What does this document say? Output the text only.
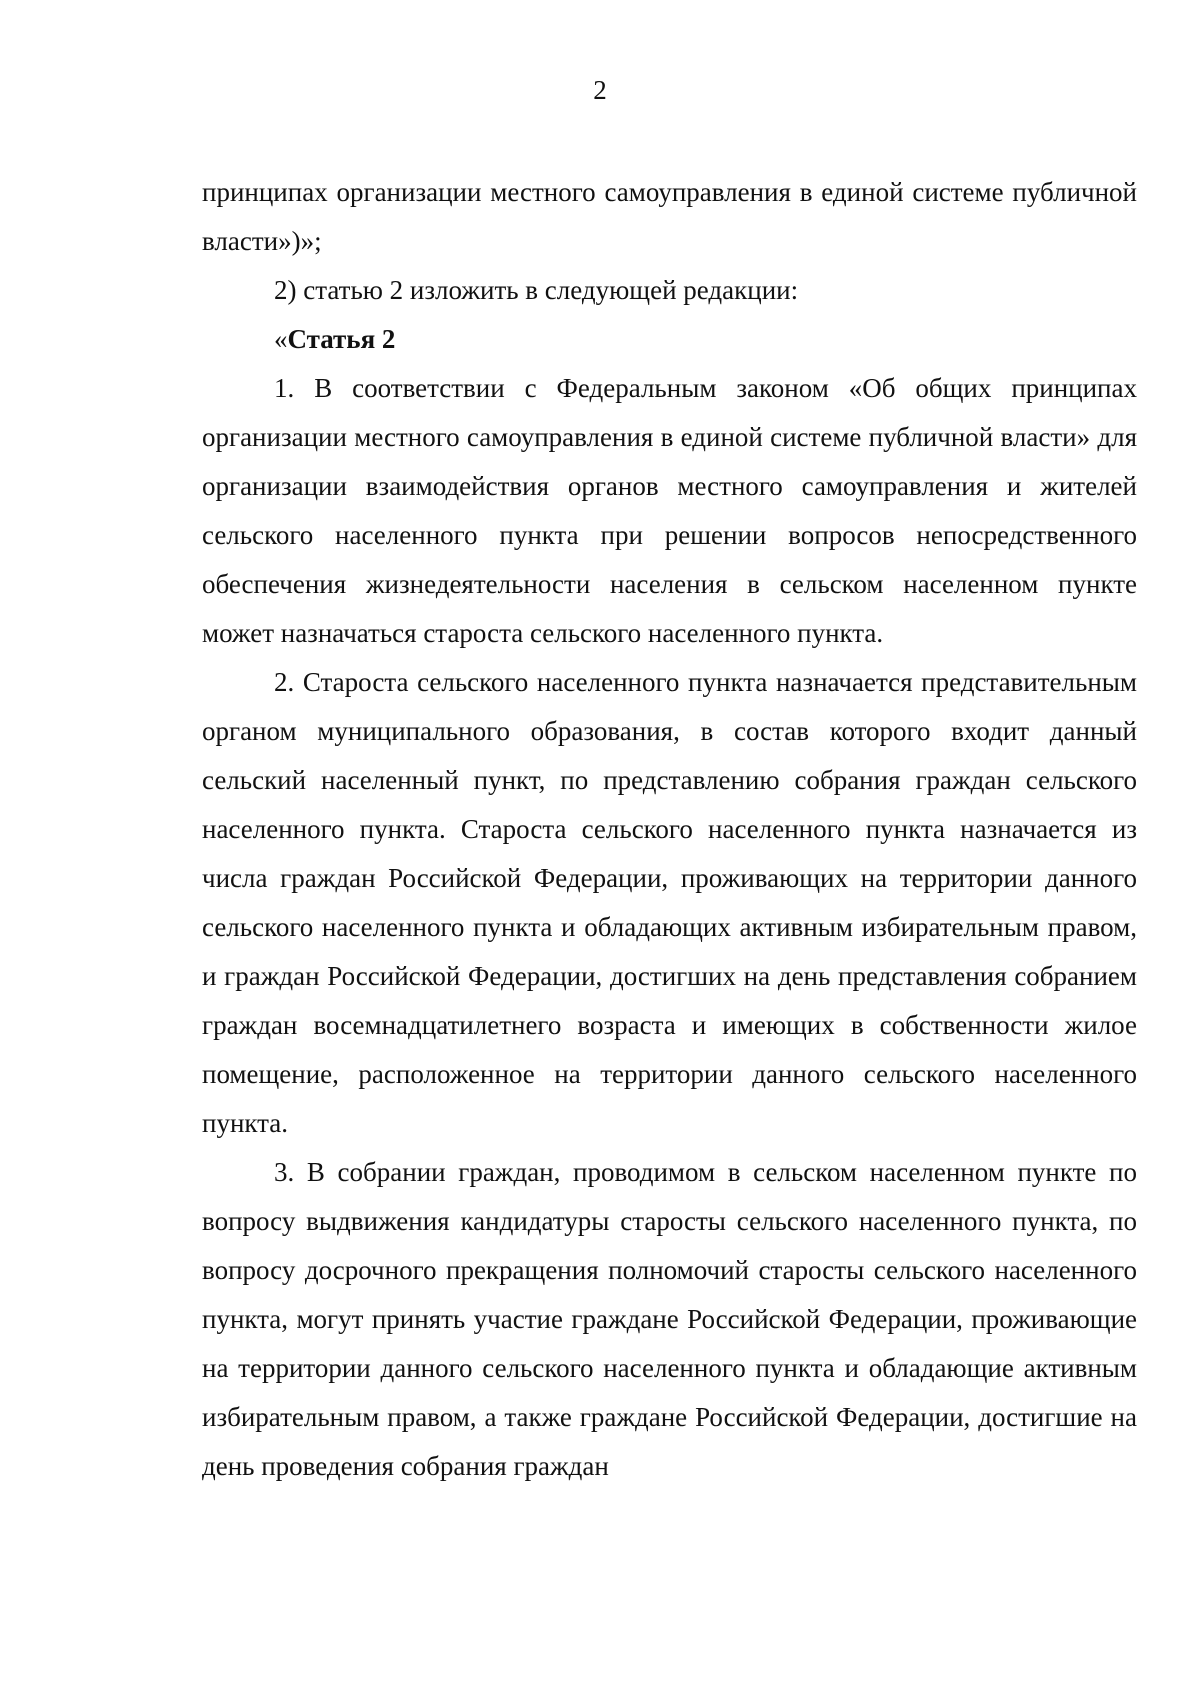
2

принципах организации местного самоуправления в единой системе публичной власти»)»;

2) статью 2 изложить в следующей редакции:

«Статья 2

1. В соответствии с Федеральным законом «Об общих принципах организации местного самоуправления в единой системе публичной власти» для организации взаимодействия органов местного самоуправления и жителей сельского населенного пункта при решении вопросов непосредственного обеспечения жизнедеятельности населения в сельском населенном пункте может назначаться староста сельского населенного пункта.

2. Староста сельского населенного пункта назначается представительным органом муниципального образования, в состав которого входит данный сельский населенный пункт, по представлению собрания граждан сельского населенного пункта. Староста сельского населенного пункта назначается из числа граждан Российской Федерации, проживающих на территории данного сельского населенного пункта и обладающих активным избирательным правом, и граждан Российской Федерации, достигших на день представления собранием граждан восемнадцатилетнего возраста и имеющих в собственности жилое помещение, расположенное на территории данного сельского населенного пункта.

3. В собрании граждан, проводимом в сельском населенном пункте по вопросу выдвижения кандидатуры старосты сельского населенного пункта, по вопросу досрочного прекращения полномочий старосты сельского населенного пункта, могут принять участие граждане Российской Федерации, проживающие на территории данного сельского населенного пункта и обладающие активным избирательным правом, а также граждане Российской Федерации, достигшие на день проведения собрания граждан
